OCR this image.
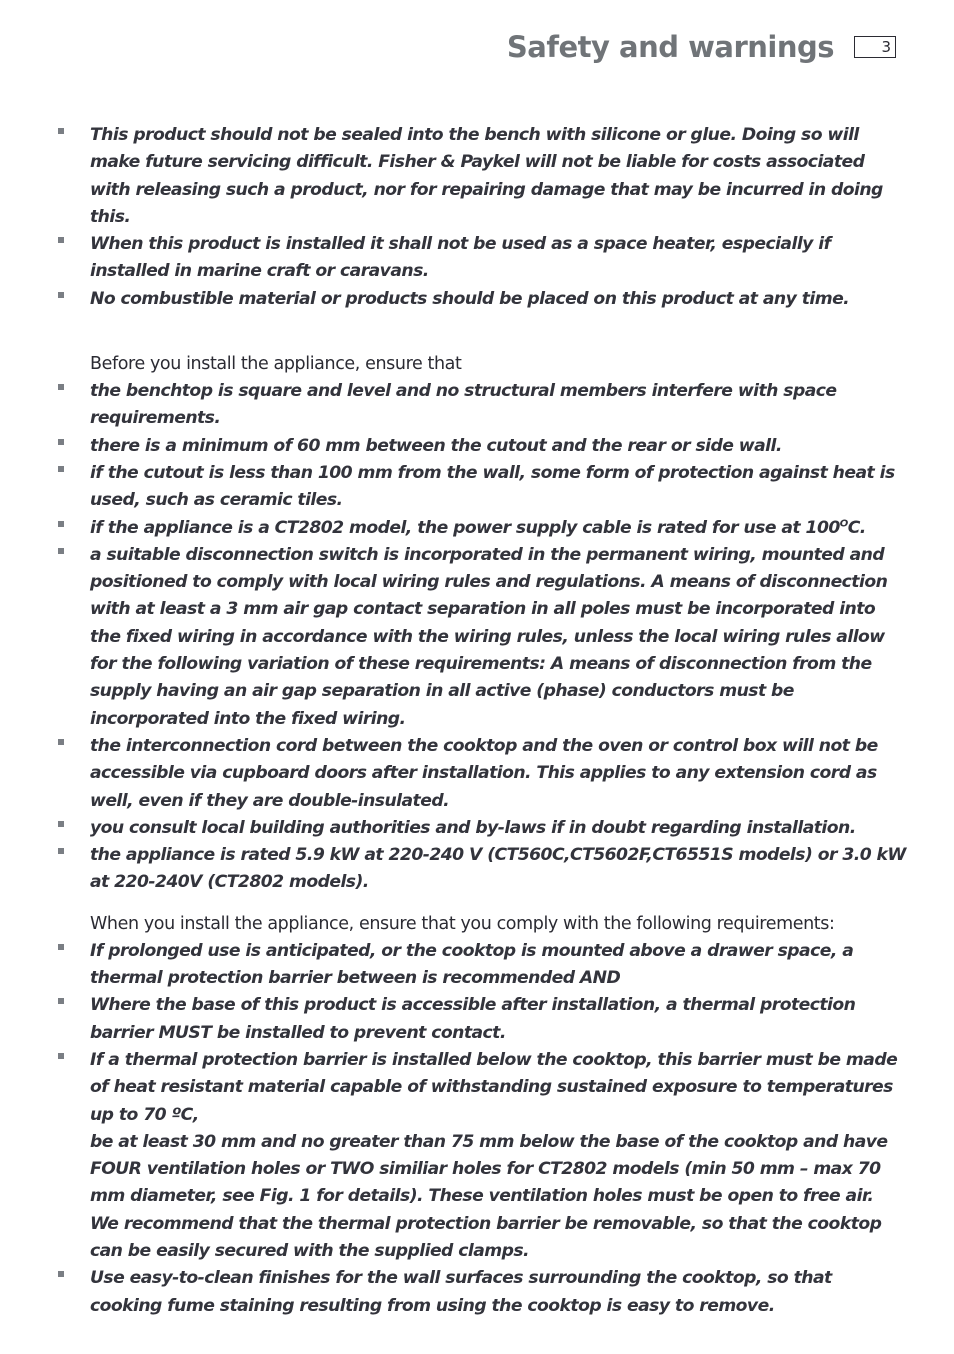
Safety and warnings	3
This product should not be sealed into the bench with silicone or glue. Doing so will make future servicing difficult. Fisher & Paykel will not be liable for costs associated with releasing such a product, nor for repairing damage that may be incurred in doing this.
When this product is installed it shall not be used as a space heater, especially if installed in marine craft or caravans.
No combustible material or products should be placed on this product at any time.
Before you install the appliance, ensure that
the benchtop is square and level and no structural members interfere with space requirements.
there is a minimum of 60 mm between the cutout and the rear or side wall.
if the cutout is less than 100 mm from the wall, some form of protection against heat is used, such as ceramic tiles.
if the appliance is a CT2802 model, the power supply cable is rated for use at $100^OC$.
a suitable disconnection switch is incorporated in the permanent wiring, mounted and positioned to comply with local wiring rules and regulations. A means of disconnection with at least a 3 mm air gap contact separation in all poles must be incorporated into the fixed wiring in accordance with the wiring rules, unless the local wiring rules allow for the following variation of these requirements: A means of disconnection from the supply having an air gap separation in all active (phase) conductors must be incorporated into the fixed wiring.
the interconnection cord between the cooktop and the oven or control box will not be accessible via cupboard doors after installation. This applies to any extension cord as well, even if they are double-insulated.
you consult local building authorities and by-laws if in doubt regarding installation.
the appliance is rated 5.9 kW at 220-240 V (CT560C,CT5602F,CT6551S models) or 3.0 kW at 220-240V (CT2802 models).
When you install the appliance, ensure that you comply with the following requirements:
If prolonged use is anticipated, or the cooktop is mounted above a drawer space, a thermal protection barrier between is recommended AND
Where the base of this product is accessible after installation, a thermal protection barrier MUST be installed to prevent contact.
If a thermal protection barrier is installed below the cooktop, this barrier must be made of heat resistant material capable of withstanding sustained exposure to temperatures up to 70 ºC,
be at least 30 mm and no greater than 75 mm below the base of the cooktop and have FOUR ventilation holes or TWO similiar holes for CT2802 models (min 50 mm – max 70 mm diameter, see Fig. 1 for details). These ventilation holes must be open to free air.
We recommend that the thermal protection barrier be removable, so that the cooktop can be easily secured with the supplied clamps.
Use easy-to-clean finishes for the wall surfaces surrounding the cooktop, so that cooking fume staining resulting from using the cooktop is easy to remove.
